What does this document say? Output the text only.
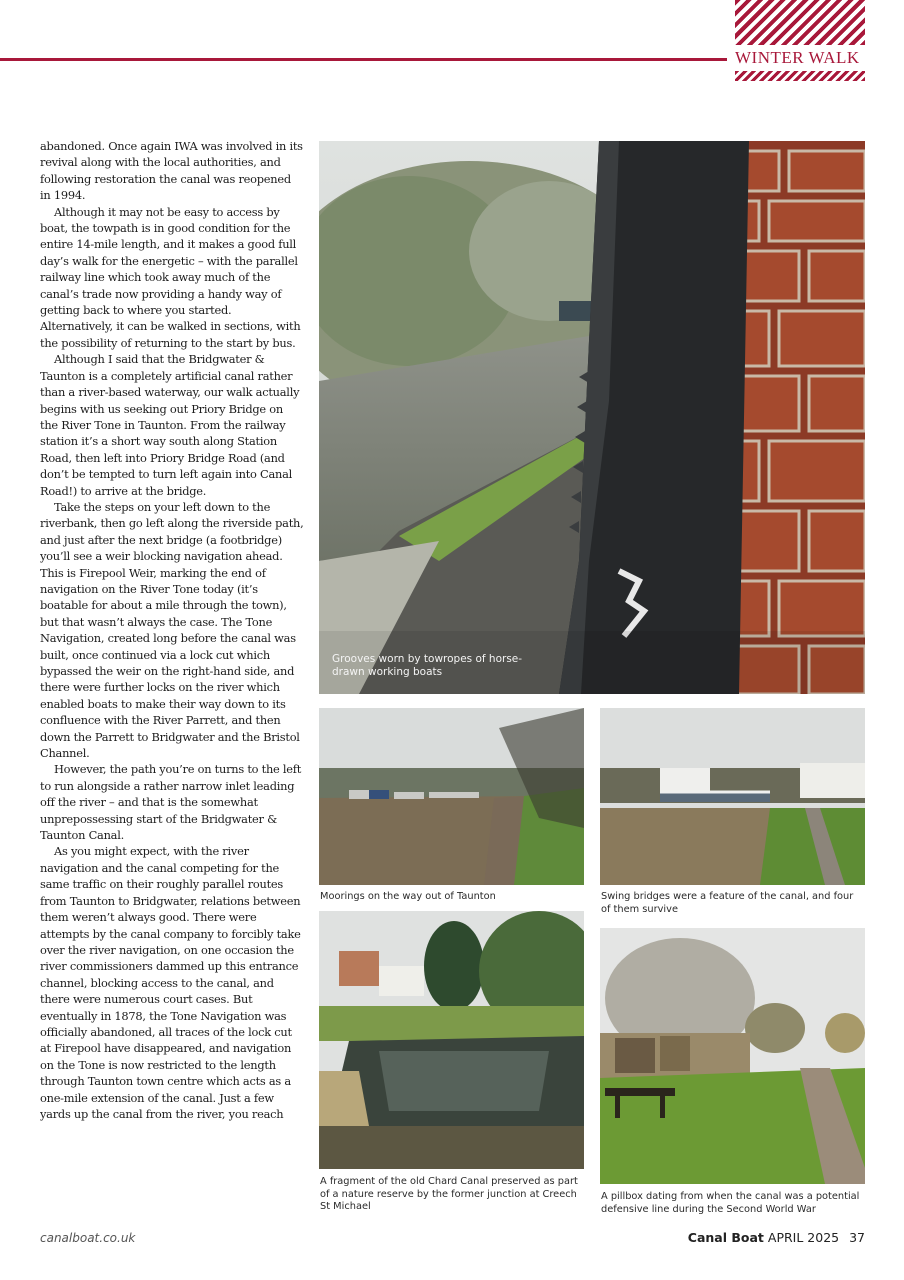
WINTER WALK

abandoned. Once again IWA was involved in its revival along with the local authorities, and following restoration the canal was reopened in 1994.

Although it may not be easy to access by boat, the towpath is in good condition for the entire 14-mile length, and it makes a good full day’s walk for the energetic – with the parallel railway line which took away much of the canal’s trade now providing a handy way of getting back to where you started. Alternatively, it can be walked in sections, with the possibility of returning to the start by bus.

Although I said that the Bridgwater & Taunton is a completely artificial canal rather than a river-based waterway, our walk actually begins with us seeking out Priory Bridge on the River Tone in Taunton. From the railway station it’s a short way south along Station Road, then left into Priory Bridge Road (and don’t be tempted to turn left again into Canal Road!) to arrive at the bridge.

Take the steps on your left down to the riverbank, then go left along the riverside path, and just after the next bridge (a footbridge) you’ll see a weir blocking navigation ahead. This is Firepool Weir, marking the end of navigation on the River Tone today (it’s boatable for about a mile through the town), but that wasn’t always the case. The Tone Navigation, created long before the canal was built, once continued via a lock cut which bypassed the weir on the right-hand side, and there were further locks on the river which enabled boats to make their way down to its confluence with the River Parrett, and then down the Parrett to Bridgwater and the Bristol Channel.

However, the path you’re on turns to the left to run alongside a rather narrow inlet leading off the river – and that is the somewhat unprepossessing start of the Bridgwater & Taunton Canal.

As you might expect, with the river navigation and the canal competing for the same traffic on their roughly parallel routes from Taunton to Bridgwater, relations between them weren’t always good. There were attempts by the canal company to forcibly take over the river navigation, on one occasion the river commissioners dammed up this entrance channel, blocking access to the canal, and there were numerous court cases. But eventually in 1878, the Tone Navigation was officially abandoned, all traces of the lock cut at Firepool have disappeared, and navigation on the Tone is now restricted to the length through Taunton town centre which acts as a one-mile extension of the canal. Just a few yards up the canal from the river, you reach

Grooves worn by towropes of horse-drawn working boats
Moorings on the way out of Taunton	Swing bridges were a feature of the canal, and four of them survive
A fragment of the old Chard Canal preserved as part of a nature reserve by the former junction at Creech St Michael
A pillbox dating from when the canal was a potential defensive line during the Second World War
canalboat.co.uk	Canal Boat APRIL 2025 37
